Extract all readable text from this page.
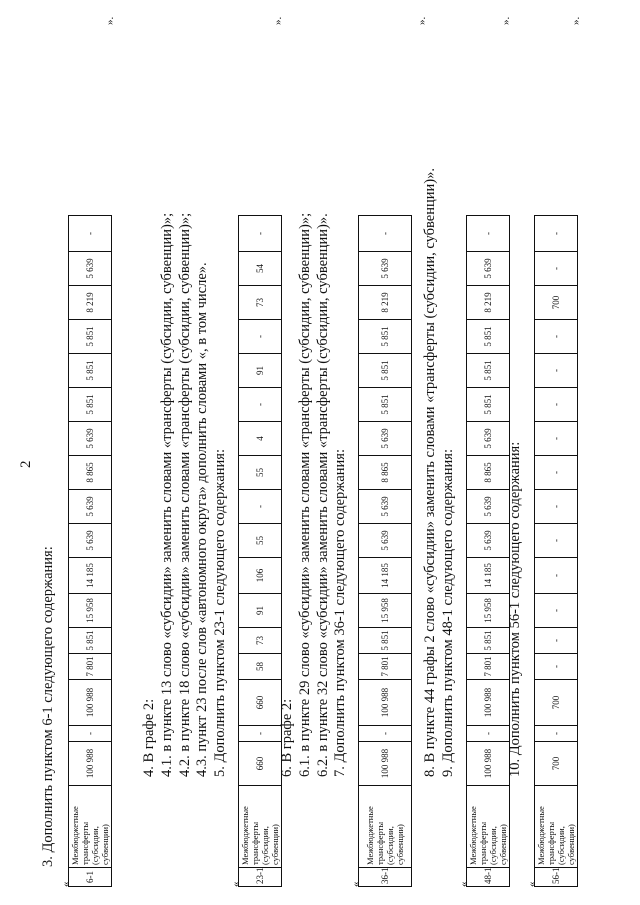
2
3. Дополнить пунктом 6-1 следующего содержания:
«
6-1	Межбюджетные трансферты (субсидии, субвенции)	100 988	-	100 988	7 801	5 851	15 958	14 185	5 639	5 639	8 865	5 639	5 851	5 851	5 851	8 219	5 639	-
».
4. В графе 2: 4.1. в пункте 13 слово «субсидии» заменить словами «трансферты (субсидии, субвенции)»; 4.2. в пункте 18 слово «субсидии» заменить словами «трансферты (субсидии, субвенции)»; 4.3. пункт 23 после слов «автономного округа» дополнить словами «, в том числе». 5. Дополнить пунктом 23-1 следующего содержания:
«
23-1	Межбюджетные трансферты (субсидии, субвенции)	660	-	660	58	73	91	106	55	-	55	4	-	91	-	73	54	-
».
6. В графе 2: 6.1. в пункте 29 слово «субсидии» заменить словами «трансферты (субсидии, субвенции)»; 6.2. в пункте 32 слово «субсидии» заменить словами «трансферты (субсидии, субвенции)». 7. Дополнить пунктом 36-1 следующего содержания:
«
36-1	Межбюджетные трансферты (субсидии, субвенции)	100 988	-	100 988	7 801	5 851	15 958	14 185	5 639	5 639	8 865	5 639	5 851	5 851	5 851	8 219	5 639	-
».
8. В пункте 44 графы 2 слово «субсидии» заменить словами «трансферты (субсидии, субвенции)». 9. Дополнить пунктом 48-1 следующего содержания:
«
48-1	Межбюджетные трансферты (субсидии, субвенции)	100 988	-	100 988	7 801	5 851	15 958	14 185	5 639	5 639	8 865	5 639	5 851	5 851	5 851	8 219	5 639	-
».
10. Дополнить пунктом 56-1 следующего содержания:
«
56-1	Межбюджетные трансферты (субсидии, субвенции)	700	-	700	-	-	-	-	-	-	-	-	-	-	-	700	-	-
».
